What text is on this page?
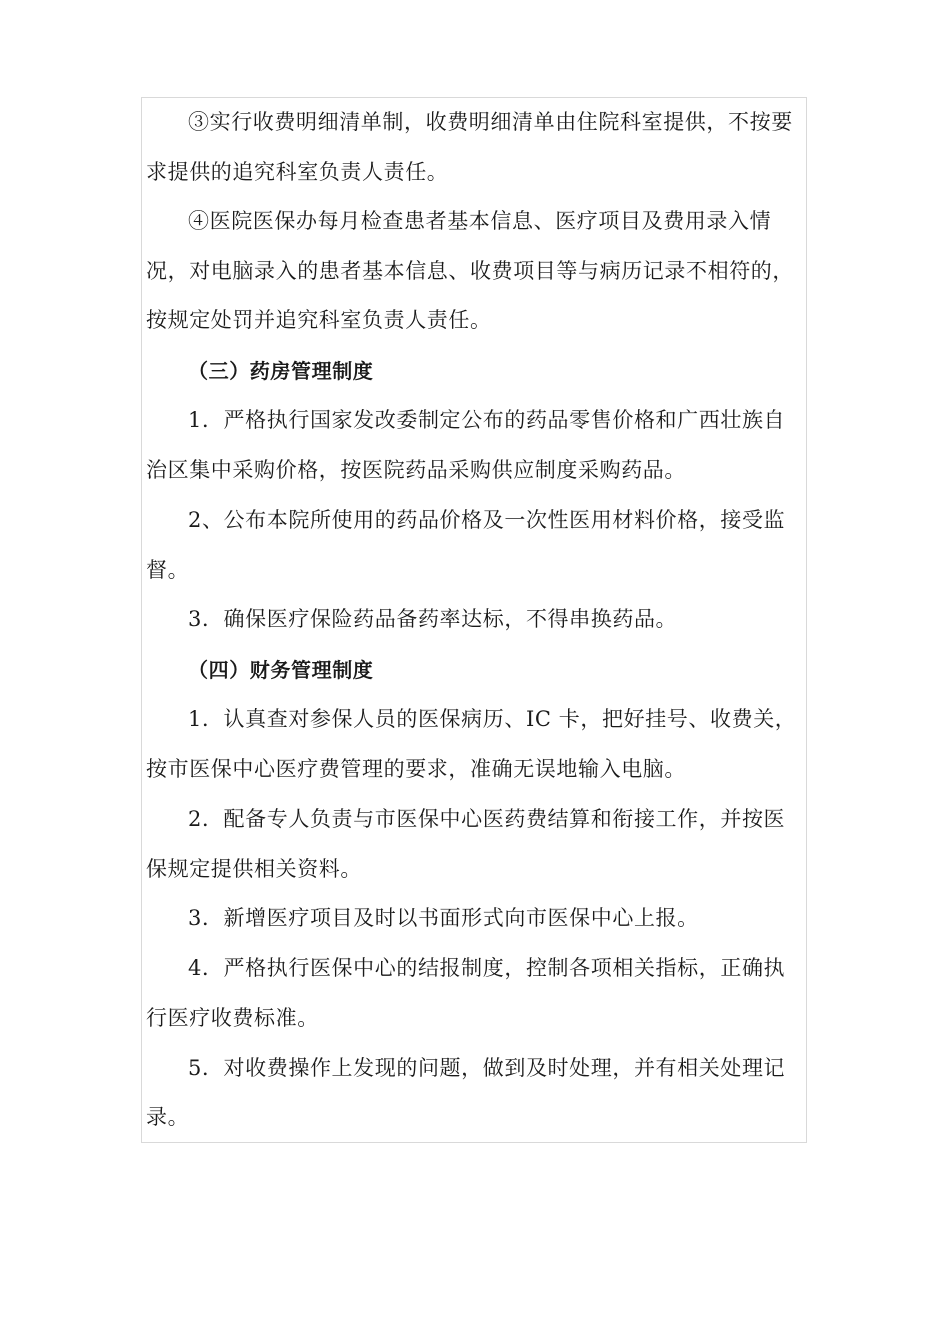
③实行收费明细清单制，收费明细清单由住院科室提供，不按要
求提供的追究科室负责人责任。
④医院医保办每月检查患者基本信息、医疗项目及费用录入情
况，对电脑录入的患者基本信息、收费项目等与病历记录不相符的，
按规定处罚并追究科室负责人责任。
（三）药房管理制度
1．严格执行国家发改委制定公布的药品零售价格和广西壮族自
治区集中采购价格，按医院药品采购供应制度采购药品。
2、公布本院所使用的药品价格及一次性医用材料价格，接受监
督。
3．确保医疗保险药品备药率达标，不得串换药品。
（四）财务管理制度
1．认真查对参保人员的医保病历、IC 卡，把好挂号、收费关，
按市医保中心医疗费管理的要求，准确无误地输入电脑。
2．配备专人负责与市医保中心医药费结算和衔接工作，并按医
保规定提供相关资料。
3．新增医疗项目及时以书面形式向市医保中心上报。
4．严格执行医保中心的结报制度，控制各项相关指标，正确执
行医疗收费标准。
5．对收费操作上发现的问题，做到及时处理，并有相关处理记
录。
